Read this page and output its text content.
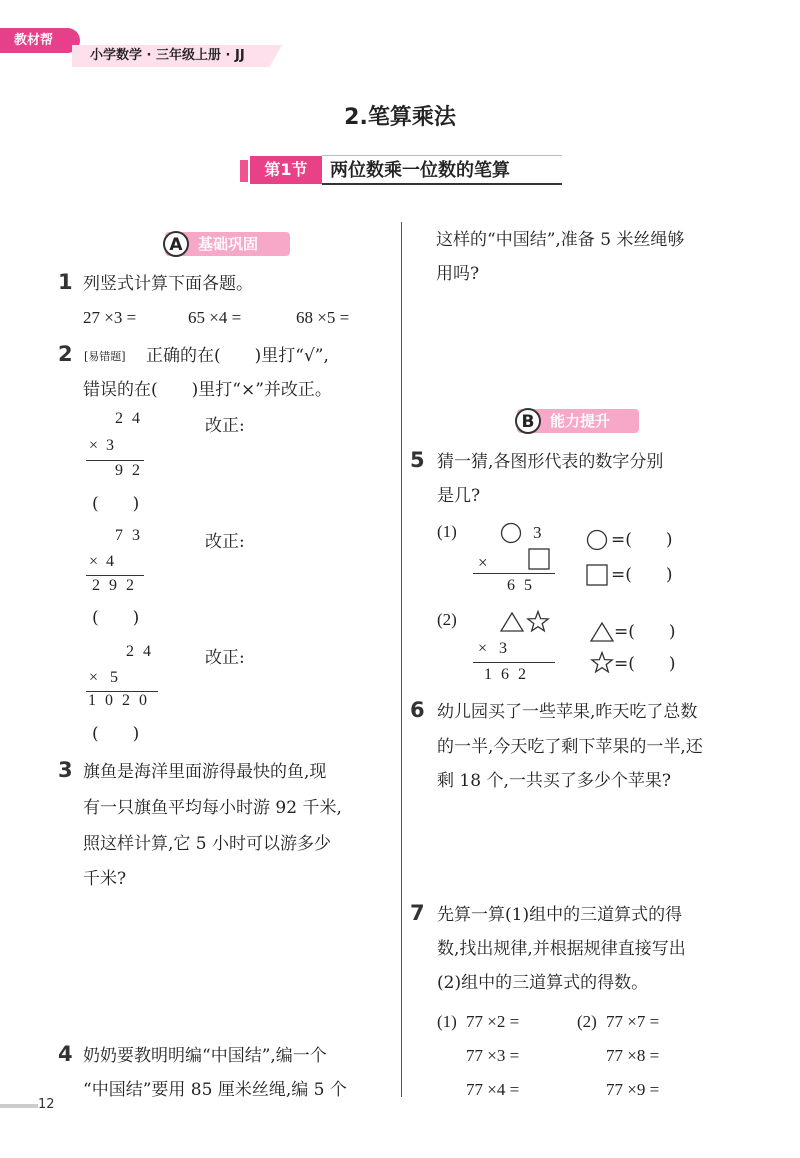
教材帮
小学数学 · 三年级上册 · JJ
2.笔算乘法
第1节	两位数乘一位数的笔算
基础巩固
A
1 列竖式计算下面各题。
27 ×3 =	65 ×4 =	68 ×5 =
2 [易错题] 正确的在(  )里打“√”,
错误的在(  )里打“×”并改正。
24
×  3
92
改正:
(  )
73
×  4
292
改正:
(  )
24
×   5
1020
改正:
(  )
3 旗鱼是海洋里面游得最快的鱼,现
有一只旗鱼平均每小时游 92 千米,
照这样计算,它 5 小时可以游多少
千米?
4 奶奶要教明明编“中国结”,编一个
“中国结”要用 85 厘米丝绳,编 5 个
这样的“中国结”,准备 5 米丝绳够
用吗?
能力提升
B
5 猜一猜,各图形代表的数字分别
是几?
(1)	3
×
65
=(  )
=(  )
(2)
×   3
162
=(  )
=(  )
6 幼儿园买了一些苹果,昨天吃了总数
的一半,今天吃了剩下苹果的一半,还
剩 18 个,一共买了多少个苹果?
7 先算一算(1)组中的三道算式的得
数,找出规律,并根据规律直接写出
(2)组中的三道算式的得数。
(1) 77 ×2 =
77 ×3 =
77 ×4 =
(2) 77 ×7 =
77 ×8 =
77 ×9 =
12
